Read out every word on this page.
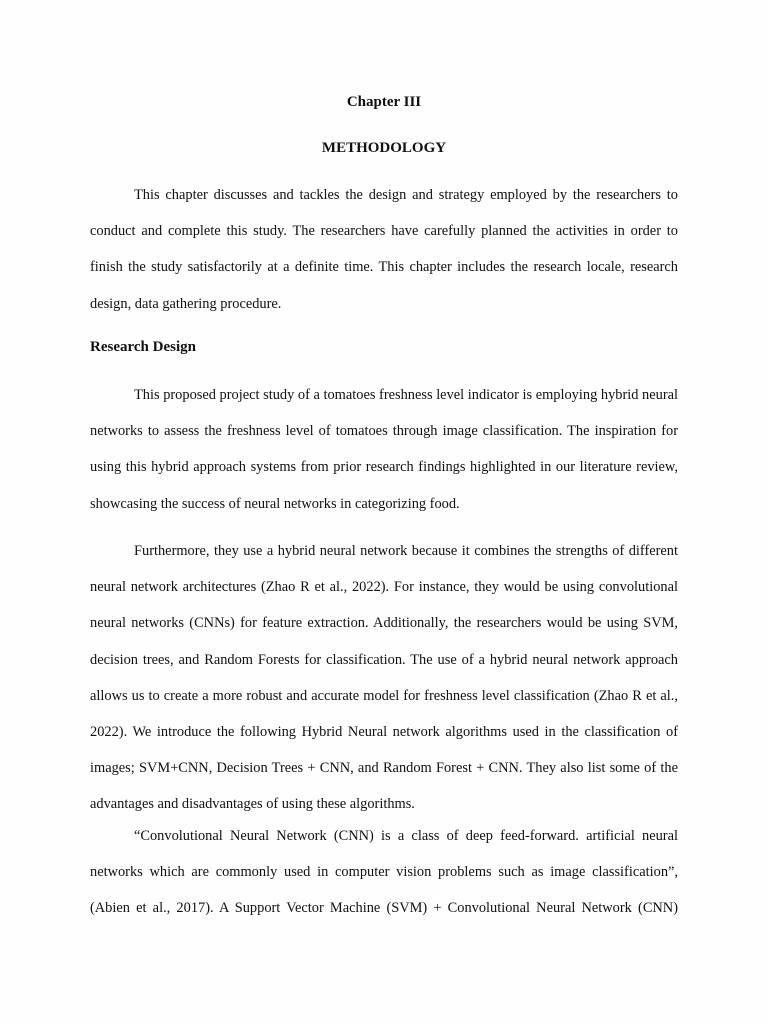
Chapter III
METHODOLOGY

This chapter discusses and tackles the design and strategy employed by the researchers to conduct and complete this study. The researchers have carefully planned the activities in order to finish the study satisfactorily at a definite time. This chapter includes the research locale, research design, data gathering procedure.

Research Design

This proposed project study of a tomatoes freshness level indicator is employing hybrid neural networks to assess the freshness level of tomatoes through image classification. The inspiration for using this hybrid approach systems from prior research findings highlighted in our literature review, showcasing the success of neural networks in categorizing food.

Furthermore, they use a hybrid neural network because it combines the strengths of different neural network architectures (Zhao R et al., 2022). For instance, they would be using convolutional neural networks (CNNs) for feature extraction. Additionally, the researchers would be using SVM, decision trees, and Random Forests for classification. The use of a hybrid neural network approach allows us to create a more robust and accurate model for freshness level classification (Zhao R et al., 2022). We introduce the following Hybrid Neural network algorithms used in the classification of images; SVM+CNN, Decision Trees + CNN, and Random Forest + CNN. They also list some of the advantages and disadvantages of using these algorithms.

“Convolutional Neural Network (CNN) is a class of deep feed-forward. artificial neural networks which are commonly used in computer vision problems such as image classification”, (Abien et al., 2017). A Support Vector Machine (SVM) + Convolutional Neural Network (CNN)
